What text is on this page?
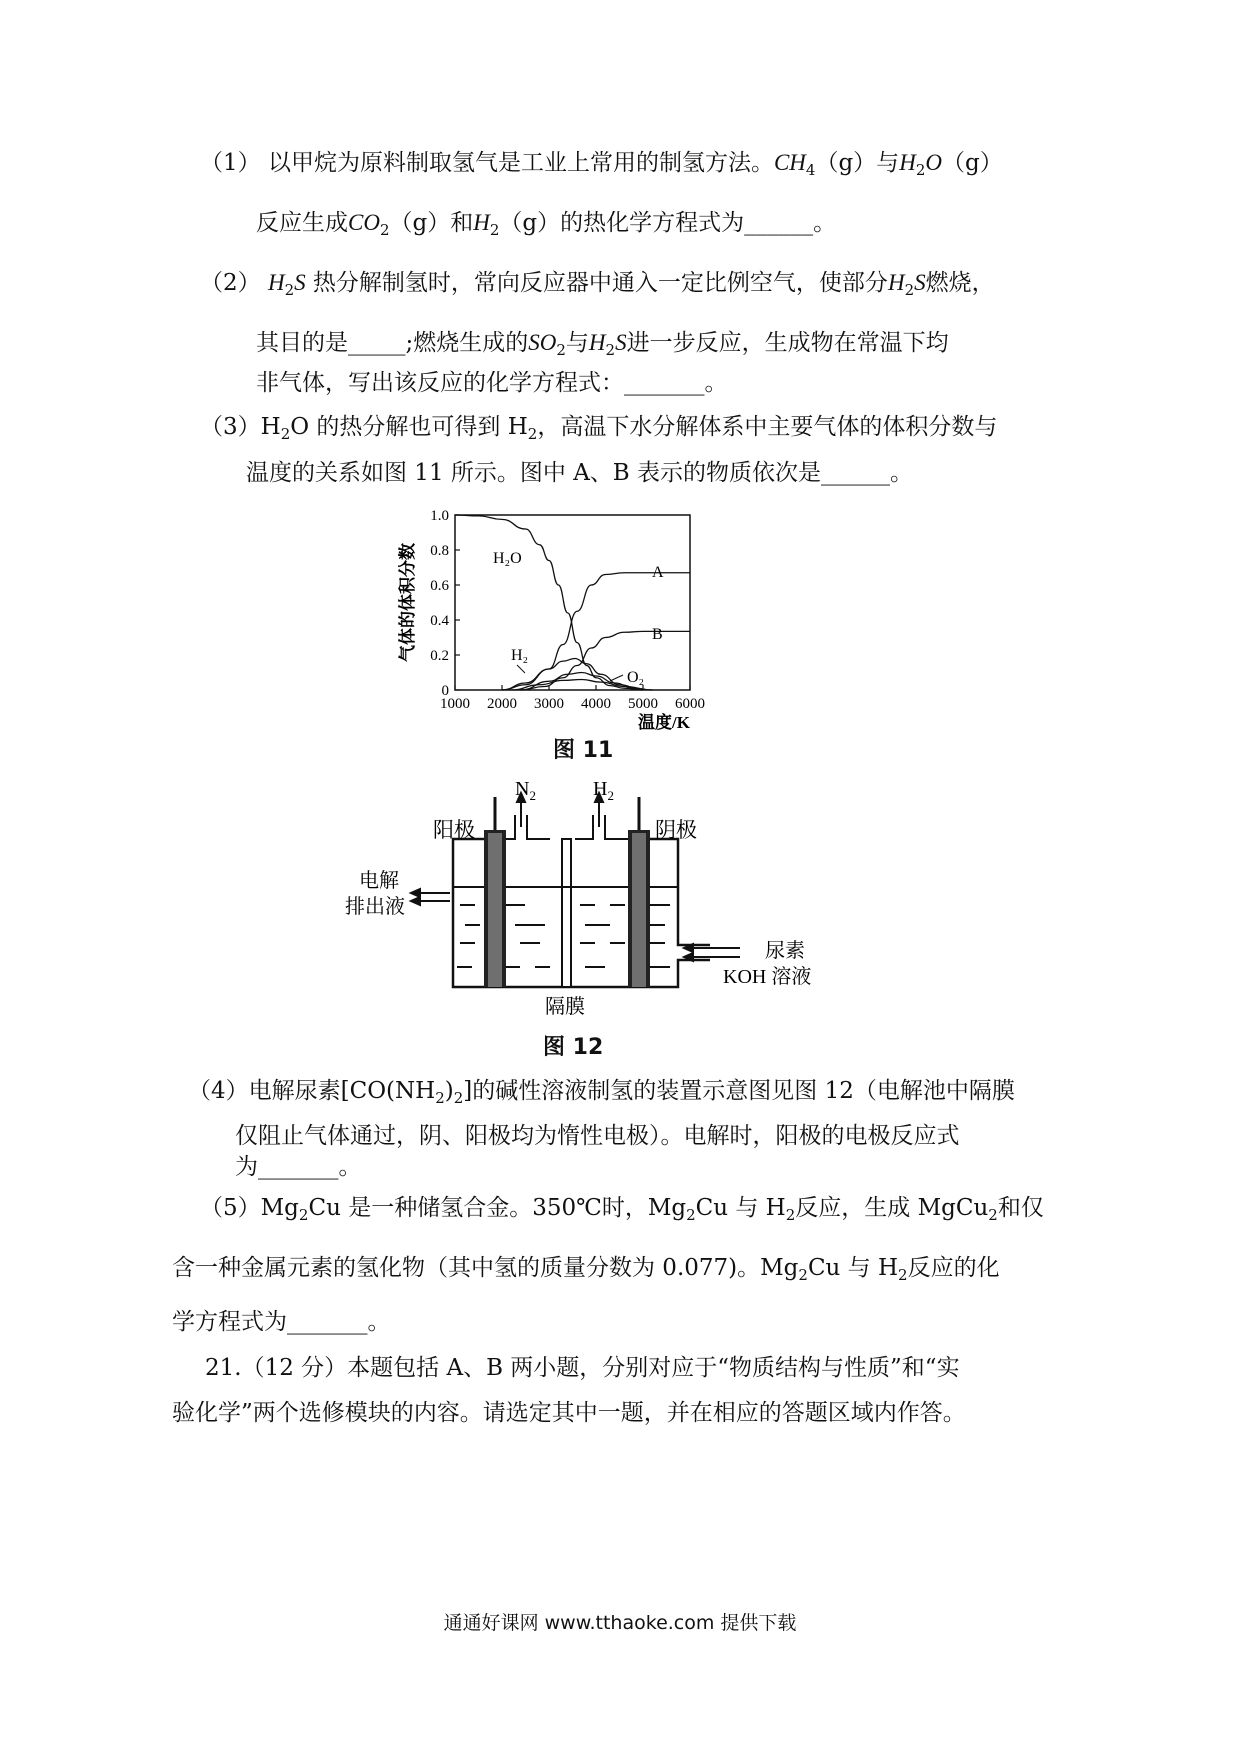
（1） 以甲烷为原料制取氢气是工业上常用的制氢方法。$CH_4(g)$与$H_2O(g)$
反应生成$CO_2(g)$和$H_2(g)$的热化学方程式为______。
（2） $H_2S$ 热分解制氢时，常向反应器中通入一定比例空气，使部分$H_2S$燃烧，
其目的是_____;燃烧生成的$SO_2$与$H_2S$进一步反应，生成物在常温下均
非气体，写出该反应的化学方程式：_______。
$(3)H_2O$ 的热分解也可得到 $H_2$，高温下水分解体系中主要气体的体积分数与
温度的关系如图 11 所示。图中 A、B 表示的物质依次是______。
1000 2000 3000 4000 5000 6000
0
0.2
0.4
0.6
0.8
1.0
温度/K
气体的体积分数	H₂O
A
B
H₂
O₂
图 11
$N_2$	$H_2$
阳极	阴极
电解
排出液
尿素
KOH 溶液
隔膜
图 12
（4）电解尿素$[CO(NH_2)_2]$的碱性溶液制氢的装置示意图见图 12（电解池中隔膜
仅阻止气体通过，阴、阳极均为惰性电极）。电解时，阳极的电极反应式
为_______。
$(5)Mg_2Cu$ 是一种储氢合金。350℃时，$Mg_2Cu$ 与 $H_2$反应，生成 MgCu$_2$和仅
含一种金属元素的氢化物（其中氢的质量分数为 0.077)。$Mg_2Cu$ 与 $H_2$反应的化
学方程式为_______。
21.（12 分）本题包括 A、B 两小题，分别对应于“物质结构与性质”和“实
验化学”两个选修模块的内容。请选定其中一题，并在相应的答题区域内作答。
通通好课网 www.tthaoke.com 提供下载
